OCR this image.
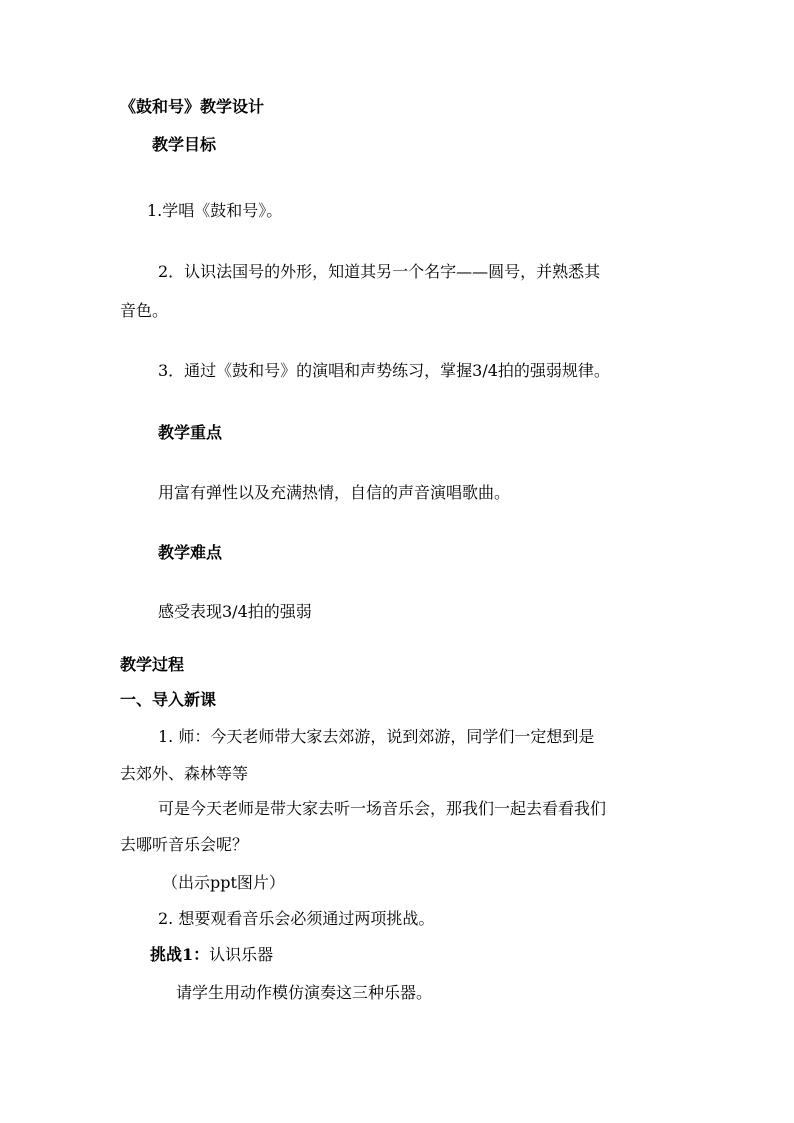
《鼓和号》教学设计
教学目标
1.学唱《鼓和号》。
2．认识法国号的外形，知道其另一个名字——圆号，并熟悉其
音色。
3．通过《鼓和号》的演唱和声势练习，掌握3/4拍的强弱规律。
教学重点
用富有弹性以及充满热情，自信的声音演唱歌曲。
教学难点
感受表现3/4拍的强弱
教学过程
一、导入新课
1. 师：今天老师带大家去郊游，说到郊游，同学们一定想到是
去郊外、森林等等
可是今天老师是带大家去听一场音乐会，那我们一起去看看我们
去哪听音乐会呢？
（出示ppt图片）
2. 想要观看音乐会必须通过两项挑战。
挑战1：认识乐器
请学生用动作模仿演奏这三种乐器。
